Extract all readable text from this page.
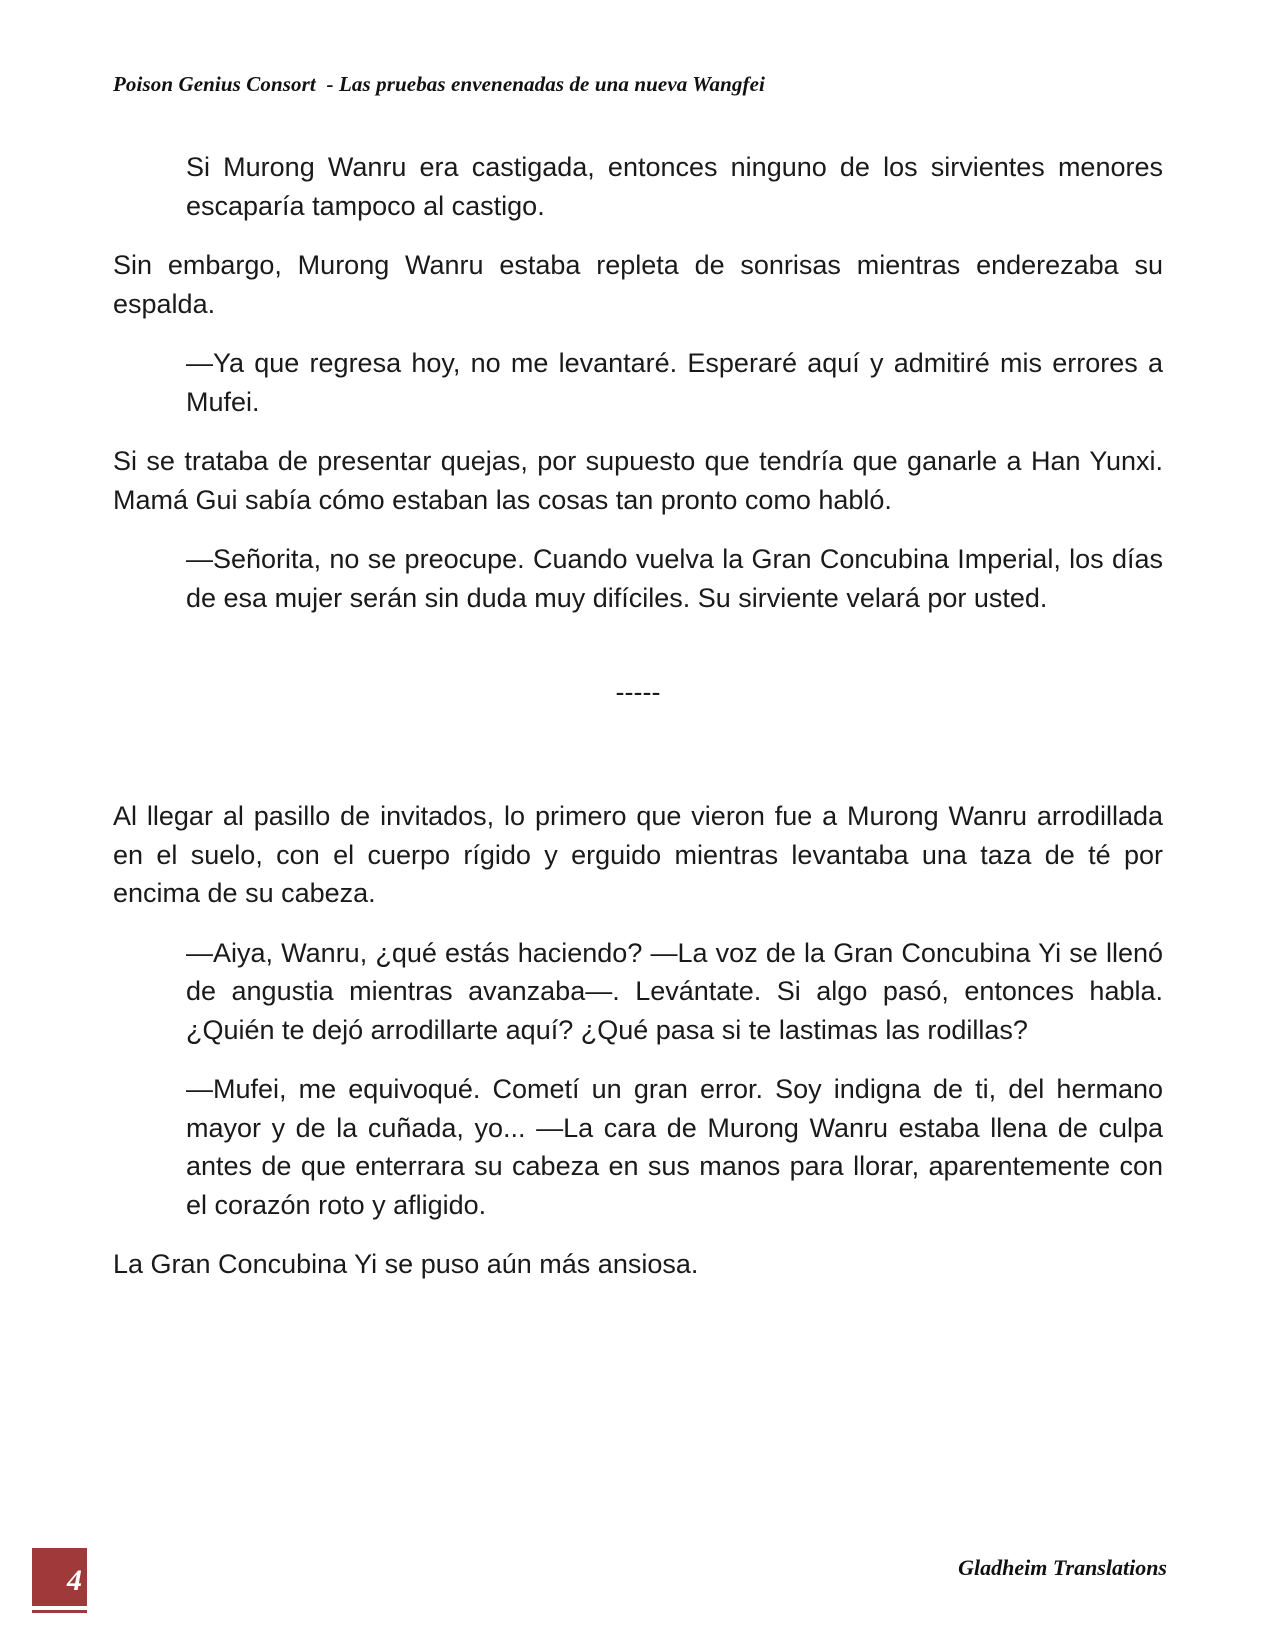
Poison Genius Consort  - Las pruebas envenenadas de una nueva Wangfei

Si Murong Wanru era castigada, entonces ninguno de los sirvientes menores escaparía tampoco al castigo.

Sin embargo, Murong Wanru estaba repleta de sonrisas mientras enderezaba su espalda.

—Ya que regresa hoy, no me levantaré. Esperaré aquí y admitiré mis errores a Mufei.

Si se trataba de presentar quejas, por supuesto que tendría que ganarle a Han Yunxi. Mamá Gui sabía cómo estaban las cosas tan pronto como habló.

—Señorita, no se preocupe. Cuando vuelva la Gran Concubina Imperial, los días de esa mujer serán sin duda muy difíciles. Su sirviente velará por usted.

-----

Al llegar al pasillo de invitados, lo primero que vieron fue a Murong Wanru arrodillada en el suelo, con el cuerpo rígido y erguido mientras levantaba una taza de té por encima de su cabeza.

—Aiya, Wanru, ¿qué estás haciendo? —La voz de la Gran Concubina Yi se llenó de angustia mientras avanzaba—. Levántate. Si algo pasó, entonces habla. ¿Quién te dejó arrodillarte aquí? ¿Qué pasa si te lastimas las rodillas?

—Mufei, me equivoqué. Cometí un gran error. Soy indigna de ti, del hermano mayor y de la cuñada, yo... —La cara de Murong Wanru estaba llena de culpa antes de que enterrara su cabeza en sus manos para llorar, aparentemente con el corazón roto y afligido.

La Gran Concubina Yi se puso aún más ansiosa.

4	Gladheim Translations
